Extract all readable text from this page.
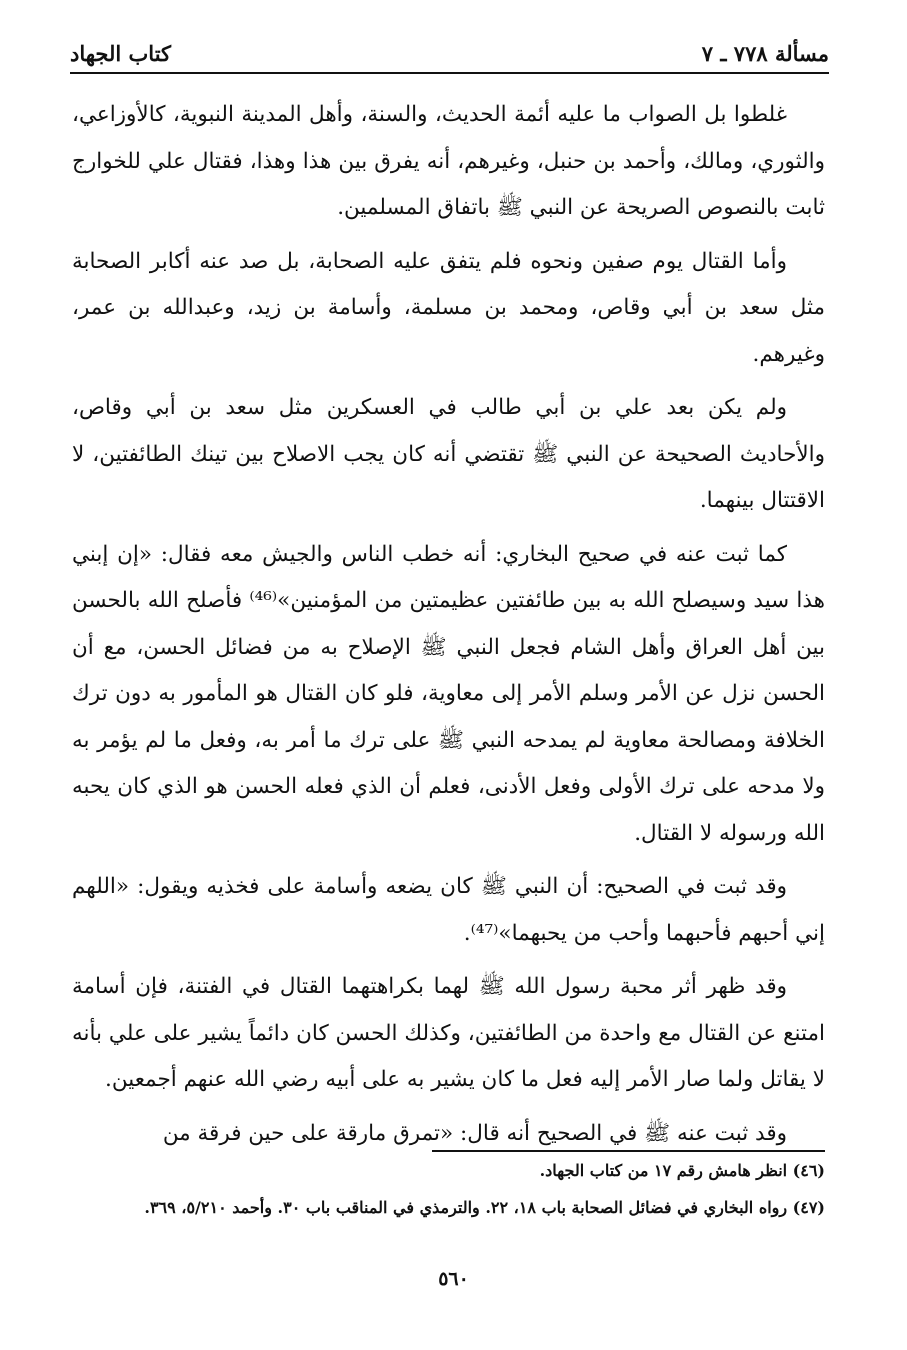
مسألة ٧٧٨ ـ ٧
كتاب الجهاد

غلطوا بل الصواب ما عليه أئمة الحديث، والسنة، وأهل المدينة النبوية، كالأوزاعي، والثوري، ومالك، وأحمد بن حنبل، وغيرهم، أنه يفرق بين هذا وهذا، فقتال علي للخوارج ثابت بالنصوص الصريحة عن النبي ﷺ باتفاق المسلمين.

وأما القتال يوم صفين ونحوه فلم يتفق عليه الصحابة، بل صد عنه أكابر الصحابة مثل سعد بن أبي وقاص، ومحمد بن مسلمة، وأسامة بن زيد، وعبدالله بن عمر، وغيرهم.

ولم يكن بعد علي بن أبي طالب في العسكرين مثل سعد بن أبي وقاص، والأحاديث الصحيحة عن النبي ﷺ تقتضي أنه كان يجب الاصلاح بين تينك الطائفتين، لا الاقتتال بينهما.

كما ثبت عنه في صحيح البخاري: أنه خطب الناس والجيش معه فقال: «إن إبني هذا سيد وسيصلح الله به بين طائفتين عظيمتين من المؤمنين»⁽⁴⁶⁾ فأصلح الله بالحسن بين أهل العراق وأهل الشام فجعل النبي ﷺ الإصلاح به من فضائل الحسن، مع أن الحسن نزل عن الأمر وسلم الأمر إلى معاوية، فلو كان القتال هو المأمور به دون ترك الخلافة ومصالحة معاوية لم يمدحه النبي ﷺ على ترك ما أمر به، وفعل ما لم يؤمر به ولا مدحه على ترك الأولى وفعل الأدنى، فعلم أن الذي فعله الحسن هو الذي كان يحبه الله ورسوله لا القتال.

وقد ثبت في الصحيح: أن النبي ﷺ كان يضعه وأسامة على فخذيه ويقول: «اللهم إني أحبهم فأحبهما وأحب من يحبهما»⁽⁴⁷⁾.

وقد ظهر أثر محبة رسول الله ﷺ لهما بكراهتهما القتال في الفتنة، فإن أسامة امتنع عن القتال مع واحدة من الطائفتين، وكذلك الحسن كان دائماً يشير على علي بأنه لا يقاتل ولما صار الأمر إليه فعل ما كان يشير به على أبيه رضي الله عنهم أجمعين.

وقد ثبت عنه ﷺ في الصحيح أنه قال: «تمرق مارقة على حين فرقة من

(٤٦) انظر هامش رقم ١٧ من كتاب الجهاد.
(٤٧) رواه البخاري في فضائل الصحابة باب ١٨، ٢٢. والترمذي في المناقب باب ٣٠. وأحمد ٥/٢١٠، ٣٦٩.
٥٦٠
